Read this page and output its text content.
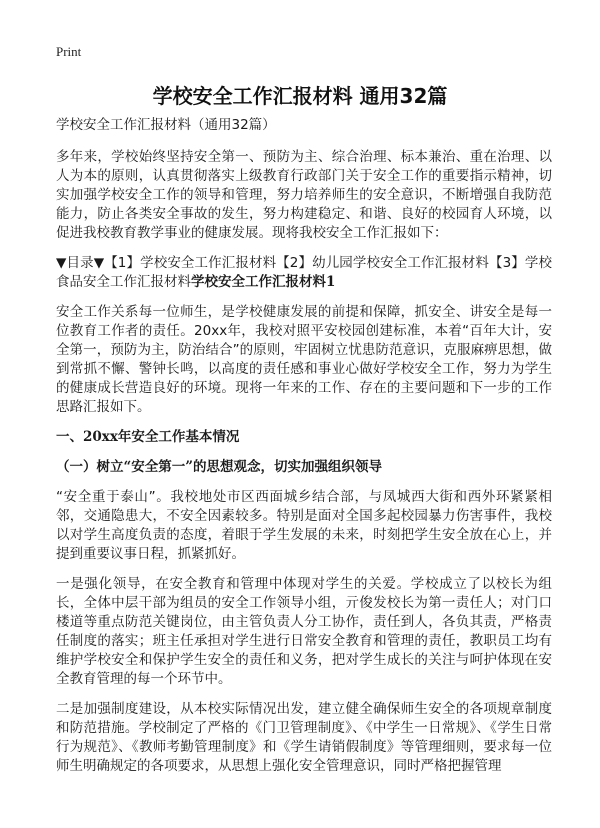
Print
学校安全工作汇报材料 通用32篇

学校安全工作汇报材料（通用32篇）

多年来，学校始终坚持安全第一、预防为主、综合治理、标本兼治、重在治理、以人为本的原则，认真贯彻落实上级教育行政部门关于安全工作的重要指示精神，切实加强学校安全工作的领导和管理，努力培养师生的安全意识，不断增强自我防范能力，防止各类安全事故的发生，努力构建稳定、和谐、良好的校园育人环境，以促进我校教育教学事业的健康发展。现将我校安全工作汇报如下：

▼目录▼【1】学校安全工作汇报材料【2】幼儿园学校安全工作汇报材料【3】学校食品安全工作汇报材料学校安全工作汇报材料1

安全工作关系每一位师生，是学校健康发展的前提和保障，抓安全、讲安全是每一位教育工作者的责任。20xx年，我校对照平安校园创建标准，本着“百年大计，安全第一，预防为主，防治结合”的原则，牢固树立忧患防范意识，克服麻痹思想，做到常抓不懈、警钟长鸣，以高度的责任感和事业心做好学校安全工作，努力为学生的健康成长营造良好的环境。现将一年来的工作、存在的主要问题和下一步的工作思路汇报如下。

一、20xx年安全工作基本情况
（一）树立“安全第一”的思想观念，切实加强组织领导

“安全重于泰山”。我校地处市区西面城乡结合部，与凤城西大街和西外环紧紧相邻，交通隐患大，不安全因素较多。特别是面对全国多起校园暴力伤害事件，我校以对学生高度负责的态度，着眼于学生发展的未来，时刻把学生安全放在心上，并提到重要议事日程，抓紧抓好。

一是强化领导，在安全教育和管理中体现对学生的关爱。学校成立了以校长为组长，全体中层干部为组员的安全工作领导小组，亓俊发校长为第一责任人；对门口楼道等重点防范关键岗位，由主管负责人分工协作，责任到人，各负其责，严格责任制度的落实；班主任承担对学生进行日常安全教育和管理的责任，教职员工均有维护学校安全和保护学生安全的责任和义务，把对学生成长的关注与呵护体现在安全教育管理的每一个环节中。

二是加强制度建设，从本校实际情况出发，建立健全确保师生安全的各项规章制度和防范措施。学校制定了严格的《门卫管理制度》、《中学生一日常规》、《学生日常行为规范》、《教师考勤管理制度》和《学生请销假制度》等管理细则，要求每一位师生明确规定的各项要求，从思想上强化安全管理意识，同时严格把握管理
